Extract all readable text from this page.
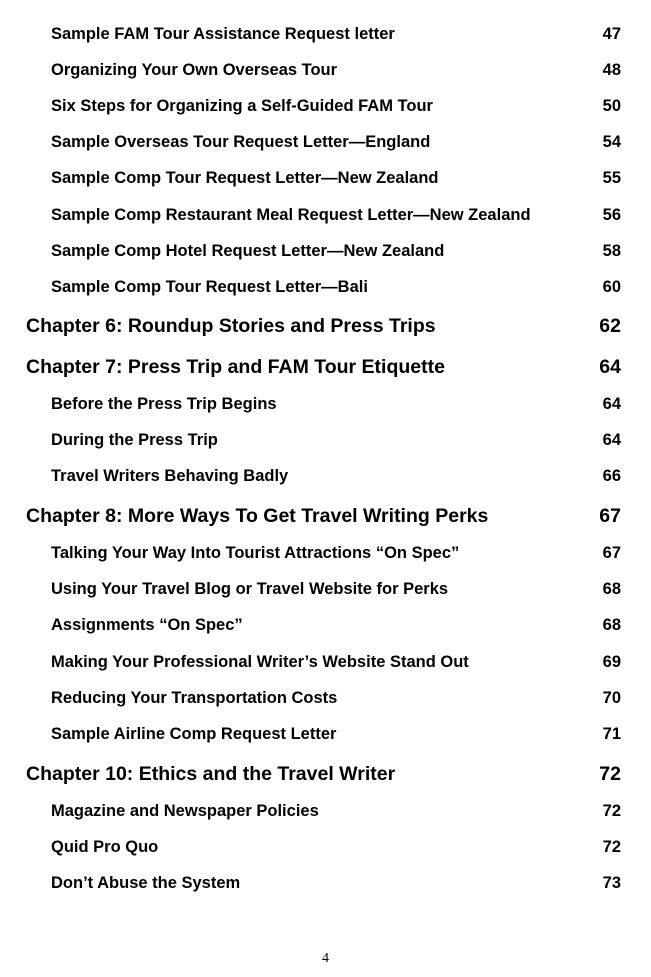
Sample FAM Tour Assistance Request letter	47
Organizing Your Own Overseas Tour	48
Six Steps for Organizing a Self-Guided FAM Tour	50
Sample Overseas Tour Request Letter—England	54
Sample Comp Tour Request Letter—New Zealand	55
Sample Comp Restaurant Meal Request Letter—New Zealand	56
Sample Comp Hotel Request Letter—New Zealand	58
Sample Comp Tour Request Letter—Bali	60
Chapter 6: Roundup Stories and Press Trips	62
Chapter 7: Press Trip and FAM Tour Etiquette	64
Before the Press Trip Begins	64
During the Press Trip	64
Travel Writers Behaving Badly	66
Chapter 8: More Ways To Get Travel Writing Perks	67
Talking Your Way Into Tourist Attractions “On Spec”	67
Using Your Travel Blog or Travel Website for Perks	68
Assignments “On Spec”	68
Making Your Professional Writer’s Website Stand Out	69
Reducing Your Transportation Costs	70
Sample Airline Comp Request Letter	71
Chapter 10: Ethics and the Travel Writer	72
Magazine and Newspaper Policies	72
Quid Pro Quo	72
Don’t Abuse the System	73
4
